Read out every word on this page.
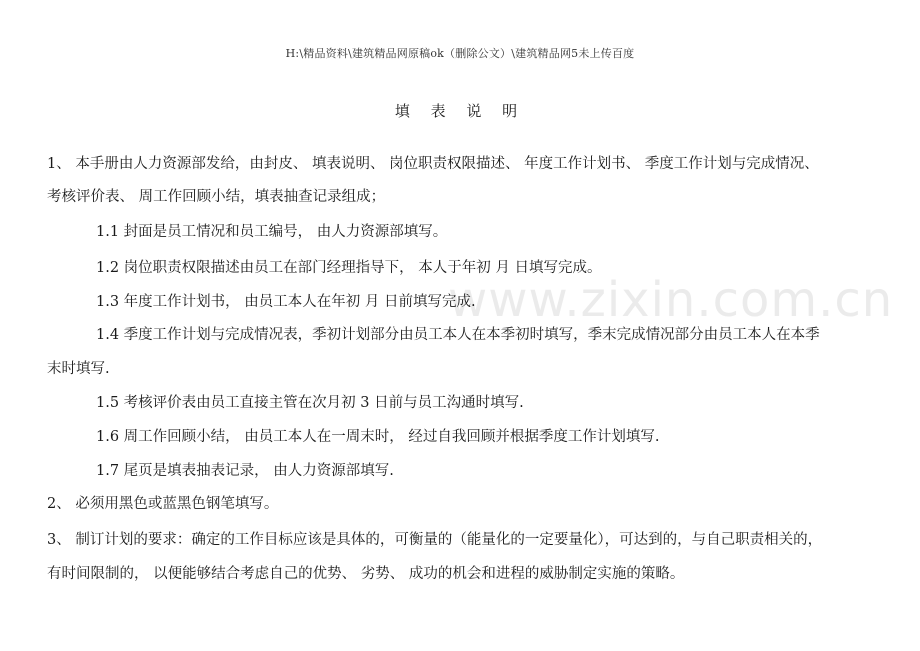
H:\精品资料\建筑精品网原稿ok（删除公文）\建筑精品网5未上传百度
www.zixin.com.cn
填 表 说 明
1、 本手册由人力资源部发给，由封皮、 填表说明、 岗位职责权限描述、 年度工作计划书、 季度工作计划与完成情况、
考核评价表、 周工作回顾小结，填表抽查记录组成；
1.1 封面是员工情况和员工编号， 由人力资源部填写。
1.2 岗位职责权限描述由员工在部门经理指导下， 本人于年初 月 日填写完成。
1.3 年度工作计划书， 由员工本人在年初 月 日前填写完成.
1.4 季度工作计划与完成情况表，季初计划部分由员工本人在本季初时填写，季末完成情况部分由员工本人在本季
末时填写.
1.5 考核评价表由员工直接主管在次月初 3 日前与员工沟通时填写.
1.6 周工作回顾小结， 由员工本人在一周末时， 经过自我回顾并根据季度工作计划填写.
1.7 尾页是填表抽表记录， 由人力资源部填写.
2、 必须用黑色或蓝黑色钢笔填写。
3、 制订计划的要求：确定的工作目标应该是具体的，可衡量的（能量化的一定要量化），可达到的，与自己职责相关的，
有时间限制的， 以便能够结合考虑自己的优势、 劣势、 成功的机会和进程的威胁制定实施的策略。
